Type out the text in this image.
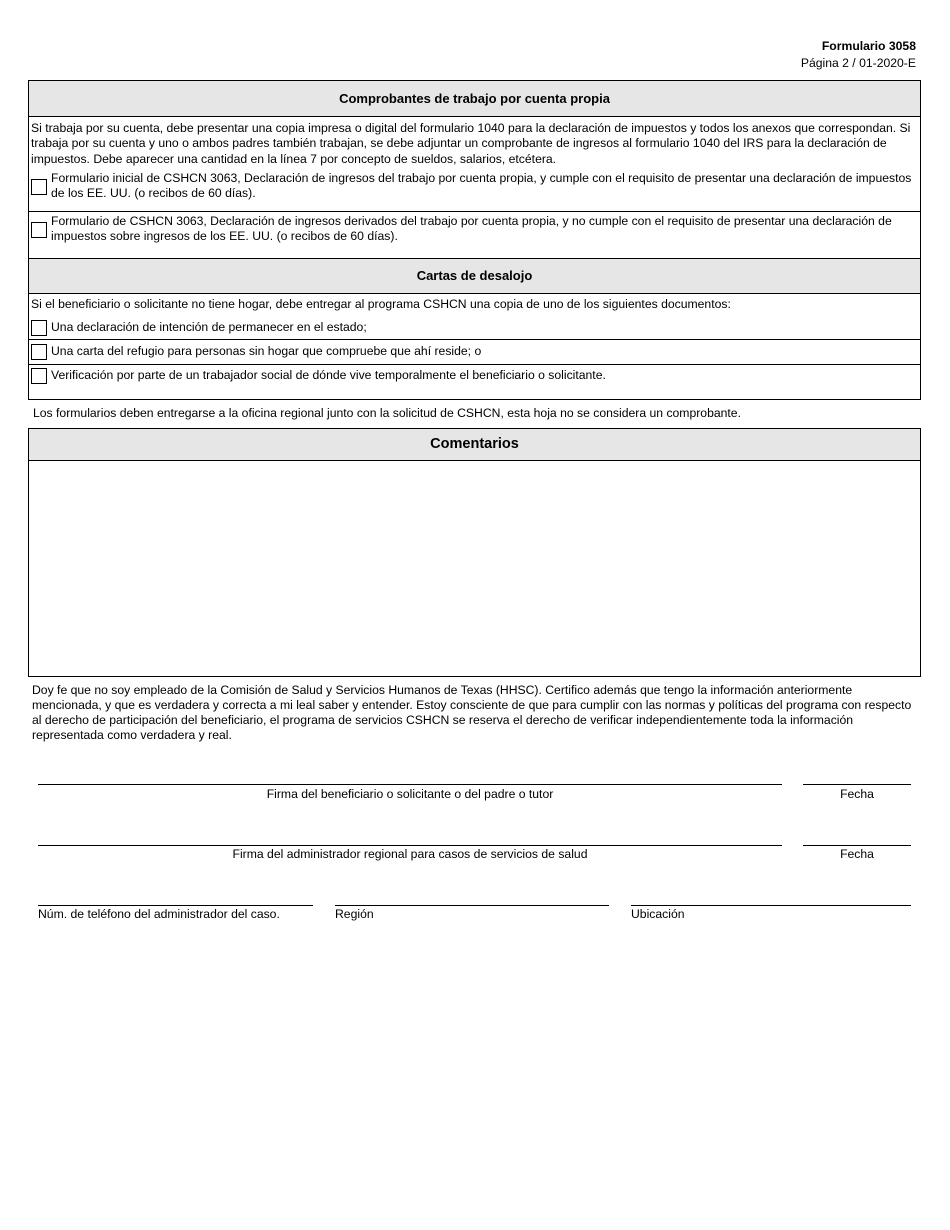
Formulario 3058
Página 2 / 01-2020-E
Comprobantes de trabajo por cuenta propia
Si trabaja por su cuenta, debe presentar una copia impresa o digital del formulario 1040 para la declaración de impuestos y todos los anexos que correspondan. Si trabaja por su cuenta y uno o ambos padres también trabajan, se debe adjuntar un comprobante de ingresos al formulario 1040 del IRS para la declaración de impuestos. Debe aparecer una cantidad en la línea 7 por concepto de sueldos, salarios, etcétera.
Formulario inicial de CSHCN 3063, Declaración de ingresos del trabajo por cuenta propia, y cumple con el requisito de presentar una declaración de impuestos de los EE. UU. (o recibos de 60 días).
Formulario de CSHCN 3063, Declaración de ingresos derivados del trabajo por cuenta propia, y no cumple con el requisito de presentar una declaración de impuestos sobre ingresos de los EE. UU. (o recibos de 60 días).
Cartas de desalojo
Si el beneficiario o solicitante no tiene hogar, debe entregar al programa CSHCN una copia de uno de los siguientes documentos:
Una declaración de intención de permanecer en el estado;
Una carta del refugio para personas sin hogar que compruebe que ahí reside; o
Verificación por parte de un trabajador social de dónde vive temporalmente el beneficiario o solicitante.
Los formularios deben entregarse a la oficina regional junto con la solicitud de CSHCN, esta hoja no se considera un comprobante.
Comentarios
Doy fe que no soy empleado de la Comisión de Salud y Servicios Humanos de Texas (HHSC). Certifico además que tengo la información anteriormente mencionada, y que es verdadera y correcta a mi leal saber y entender. Estoy consciente de que para cumplir con las normas y políticas del programa con respecto al derecho de participación del beneficiario, el programa de servicios CSHCN se reserva el derecho de verificar independientemente toda la información representada como verdadera y real.
Firma del beneficiario o solicitante o del padre o tutor	Fecha
Firma del administrador regional para casos de servicios de salud	Fecha
Núm. de teléfono del administrador del caso.	Región	Ubicación
